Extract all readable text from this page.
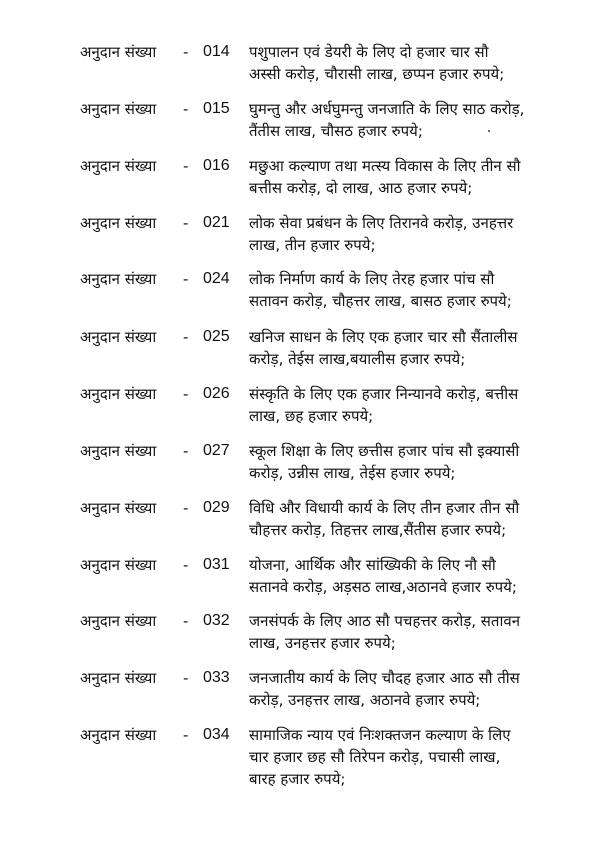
अनुदान संख्या - 014 पशुपालन एवं डेयरी के लिए दो हजार चार सौ
अस्सी करोड़, चौरासी लाख, छप्पन हजार रुपये;
अनुदान संख्या - 015 घुमन्तु और अर्धघुमन्तु जनजाति के लिए साठ करोड़,
तैंतीस लाख, चौसठ हजार रुपये;
अनुदान संख्या - 016 मछुआ कल्याण तथा मत्स्य विकास के लिए तीन सौ
बत्तीस करोड़, दो लाख, आठ हजार रुपये;
अनुदान संख्या - 021 लोक सेवा प्रबंधन के लिए तिरानवे करोड़, उनहत्तर
लाख, तीन हजार रुपये;
अनुदान संख्या - 024 लोक निर्माण कार्य के लिए तेरह हजार पांच सौ
सतावन करोड़, चौहत्तर लाख, बासठ हजार रुपये;
अनुदान संख्या - 025 खनिज साधन के लिए एक हजार चार सौ सैंतालीस
करोड़, तेईस लाख,बयालीस हजार रुपये;
अनुदान संख्या - 026 संस्कृति के लिए एक हजार निन्यानवे करोड़, बत्तीस
लाख, छह हजार रुपये;
अनुदान संख्या - 027 स्कूल शिक्षा के लिए छत्तीस हजार पांच सौ इक्यासी
करोड़, उन्नीस लाख, तेईस हजार रुपये;
अनुदान संख्या - 029 विधि और विधायी कार्य के लिए तीन हजार तीन सौ
चौहत्तर करोड़, तिहत्तर लाख,सैंतीस हजार रुपये;
अनुदान संख्या - 031 योजना, आर्थिक और सांख्यिकी के लिए नौ सौ
सतानवे करोड़, अड़सठ लाख,अठानवे हजार रुपये;
अनुदान संख्या - 032 जनसंपर्क के लिए आठ सौ पचहत्तर करोड़, सतावन
लाख, उनहत्तर हजार रुपये;
अनुदान संख्या - 033 जनजातीय कार्य के लिए चौदह हजार आठ सौ तीस
करोड़, उनहत्तर लाख, अठानवे हजार रुपये;
अनुदान संख्या - 034 सामाजिक न्याय एवं निःशक्तजन कल्याण के लिए
चार हजार छह सौ तिरेपन करोड़, पचासी लाख,
बारह हजार रुपये;
